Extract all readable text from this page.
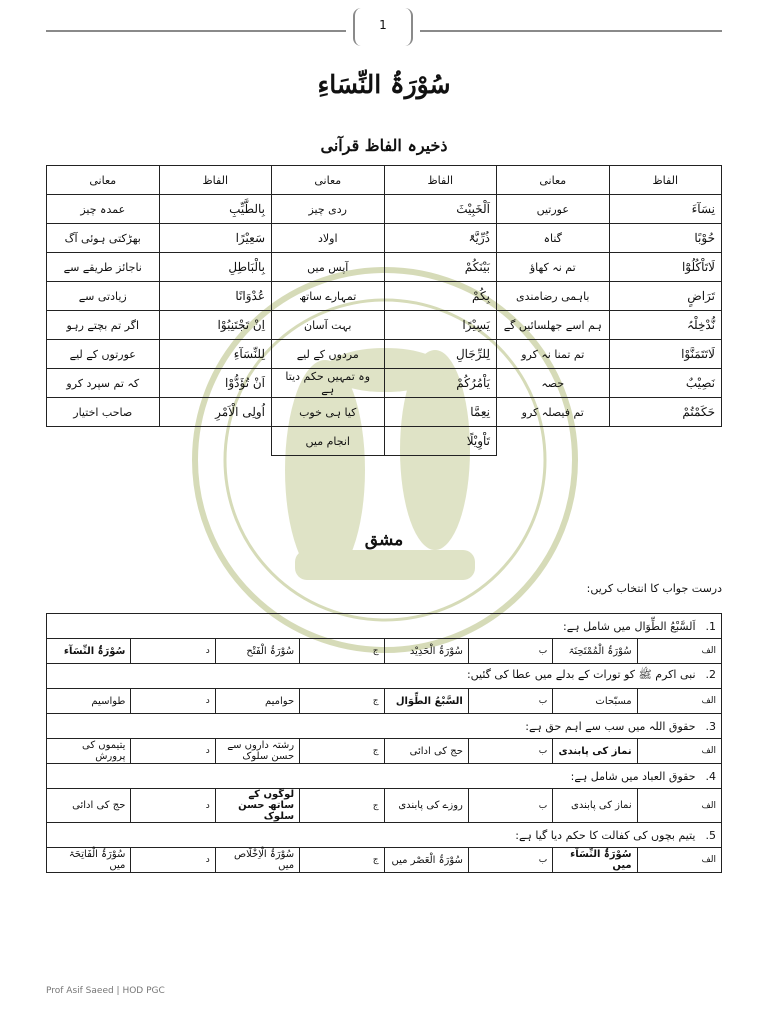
1
سُوْرَۃُ النِّسَاءِ
ذخیرہ الفاظ قرآنی
الفاظ	معانی	الفاظ	معانی	الفاظ	معانی
نِسَآءَ	عورتیں	اَلْخَبِیْثَ	ردی چیز	بِالطَّیِّبِ	عمدہ چیز
حُوْبًا	گناہ	ذُرِّیَّۃً	اولاد	سَعِیْرًا	بھڑکتی ہوئی آگ
لَاتَاْکُلُوْٓا	تم نہ کھاؤ	بَیْنَکُمْ	آپس میں	بِالْبَاطِلِ	ناجائز طریقے سے
تَرَاضٍ	باہمی رضامندی	بِکُمْ	تمہارے ساتھ	عُدْوَانًا	زیادتی سے
نُّدْخِلْہُ	ہم اسے جھلسائیں گے	یَسِیْرًا	بہت آسان	اِنْ تَجْتَنِبُوْا	اگر تم بچتے رہو
لَاتَتَمَنَّوْا	تم تمنا نہ کرو	لِلرِّجَالِ	مردوں کے لیے	لِلنِّسَآءِ	عورتوں کے لیے
نَصِیْبٌ	حصہ	یَاْمُرُکُمْ	وہ تمہیں حکم دیتا ہے	اَنْ تُؤَدُّوْا	کہ تم سپرد کرو
حَکَمْتُمْ	تم فیصلہ کرو	نِعِمَّا	کیا ہی خوب	اُولِی الْاَمْرِ	صاحب اختیار
		تَاْوِیْلًا	انجام میں		
مشق
درست جواب کا انتخاب کریں:
1.اَلسَّبْعُ الطِّوَال میں شامل ہے:							
الف	سُوْرَۃُ الْمُمْتَحِنَۃ	ب	سُوْرَۃُ الْحَدِیْد	ج	سُوْرَۃُ الْفَتْح	د	سُوْرَۃُ النِّسَآء
2.نبی اکرم ﷺ کو تورات کے بدلے میں عطا کی گئیں:							
الف	مسبّحات	ب	السَّبْعُ الطِّوَال	ج	حوامیم	د	طواسیم
3.حقوق اللہ میں سب سے اہم حق ہے:							
الف	نماز کی پابندی	ب	حج کی ادائی	ج	رشتہ داروں سے حسن سلوک	د	یتیموں کی پرورش
4.حقوق العباد میں شامل ہے:							
الف	نماز کی پابندی	ب	روزے کی پابندی	ج	لوگوں کے ساتھ حسن سلوک	د	حج کی ادائی
5.یتیم بچوں کی کفالت کا حکم دیا گیا ہے:							
الف	سُوْرَۃُ النِّسَآء میں	ب	سُوْرَۃُ الْعَصْر میں	ج	سُوْرَۃُ الْاِخْلَاص میں	د	سُوْرَۃُ الْفَاتِحَۃ میں
Prof Asif Saeed | HOD PGC
